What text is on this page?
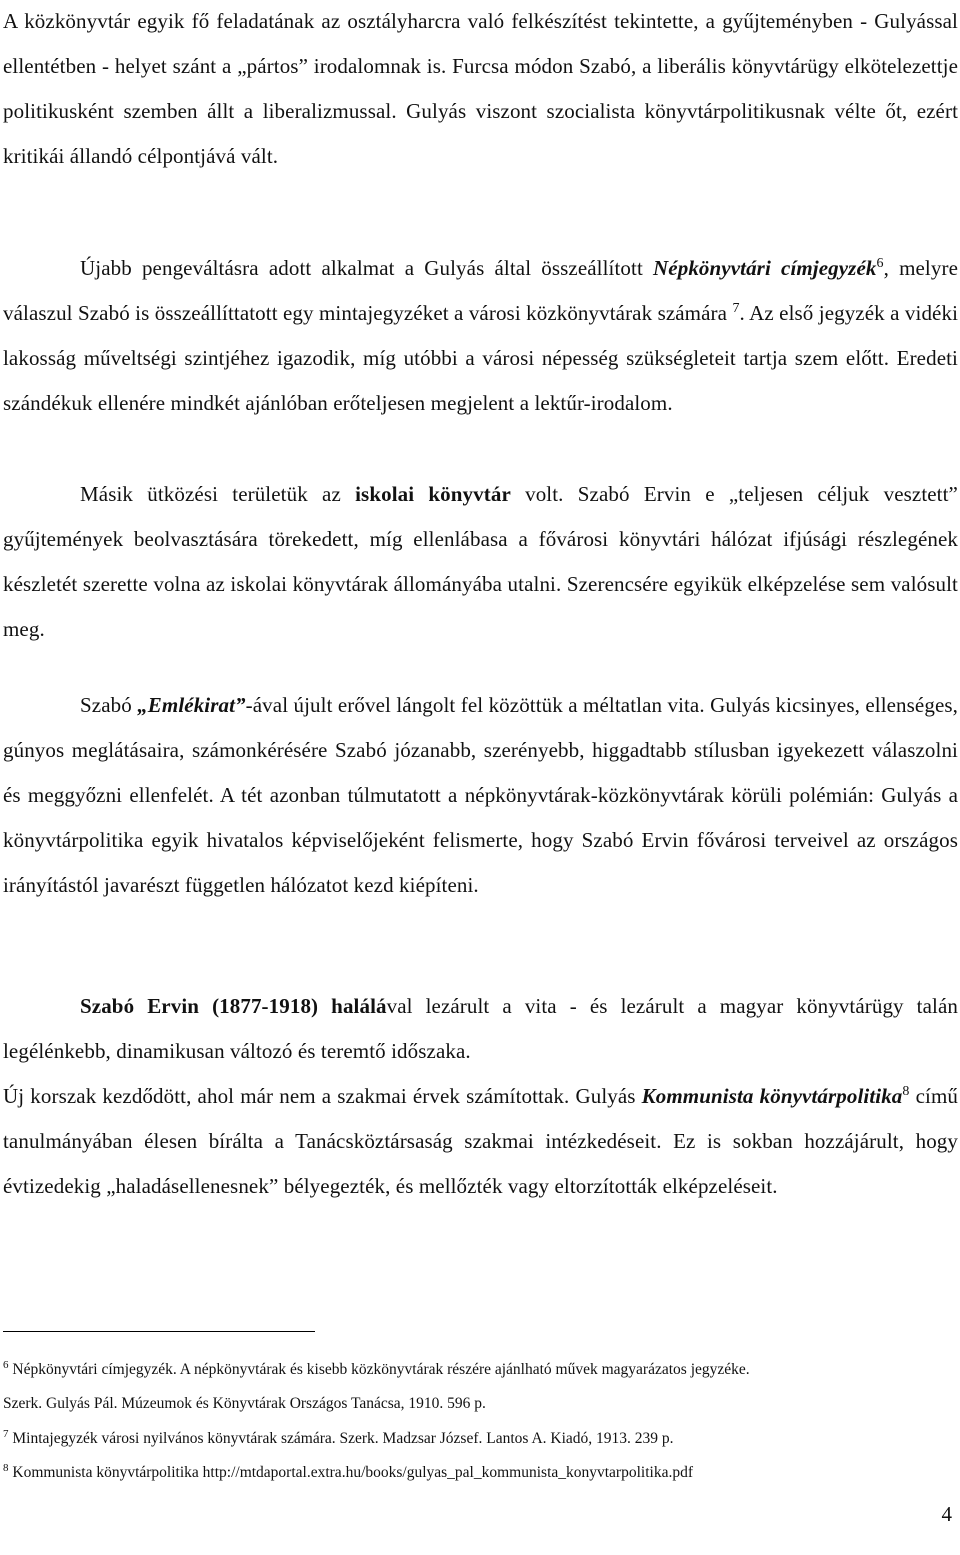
A közkönyvtár egyik fő feladatának az osztályharcra való felkészítést tekintette, a gyűjteményben - Gulyással ellentétben - helyet szánt a „pártos” irodalomnak is. Furcsa módon Szabó, a liberális könyvtárügy elkötelezettje politikusként szemben állt a liberalizmussal. Gulyás viszont szocialista könyvtárpolitikusnak vélte őt, ezért kritikái állandó célpontjává vált.

Újabb pengeváltásra adott alkalmat a Gulyás által összeállított Népkönyvtári címjegyzék$^6$, melyre válaszul Szabó is összeállíttatott egy mintajegyzéket a városi közkönyvtárak számára $^7$. Az első jegyzék a vidéki lakosság műveltségi szintjéhez igazodik, míg utóbbi a városi népesség szükségleteit tartja szem előtt. Eredeti szándékuk ellenére mindkét ajánlóban erőteljesen megjelent a lektűr-irodalom.

Másik ütközési területük az iskolai könyvtár volt. Szabó Ervin e „teljesen céljuk vesztett” gyűjtemények beolvasztására törekedett, míg ellenlábasa a fővárosi könyvtári hálózat ifjúsági részlegének készletét szerette volna az iskolai könyvtárak állományába utalni. Szerencsére egyikük elképzelése sem valósult meg.

Szabó „Emlékirat”-ával újult erővel lángolt fel közöttük a méltatlan vita. Gulyás kicsinyes, ellenséges, gúnyos meglátásaira, számonkérésére Szabó józanabb, szerényebb, higgadtabb stílusban igyekezett válaszolni és meggyőzni ellenfelét. A tét azonban túlmutatott a népkönyvtárak-közkönyvtárak körüli polémián: Gulyás a könyvtárpolitika egyik hivatalos képviselőjeként felismerte, hogy Szabó Ervin fővárosi terveivel az országos irányítástól javarészt független hálózatot kezd kiépíteni.

Szabó Ervin (1877-1918) halálával lezárult a vita - és lezárult a magyar könyvtárügy talán legélénkebb, dinamikusan változó és teremtő időszaka.

Új korszak kezdődött, ahol már nem a szakmai érvek számítottak. Gulyás Kommunista könyvtárpolitika$^8$ című tanulmányában élesen bírálta a Tanácsköztársaság szakmai intézkedéseit. Ez is sokban hozzájárult, hogy évtizedekig „haladásellenesnek” bélyegezték, és mellőzték vagy eltorzították elképzeléseit.

$^6$ Népkönyvtári címjegyzék. A népkönyvtárak és kisebb közkönyvtárak részére ajánlható művek magyarázatos jegyzéke.

Szerk. Gulyás Pál. Múzeumok és Könyvtárak Országos Tanácsa, 1910. 596 p.

$^7$ Mintajegyzék városi nyilvános könyvtárak számára. Szerk. Madzsar József. Lantos A. Kiadó, 1913. 239 p.

$^8$ Kommunista könyvtárpolitika http://mtdaportal.extra.hu/books/gulyas_pal_kommunista_konyvtarpolitika.pdf

4
